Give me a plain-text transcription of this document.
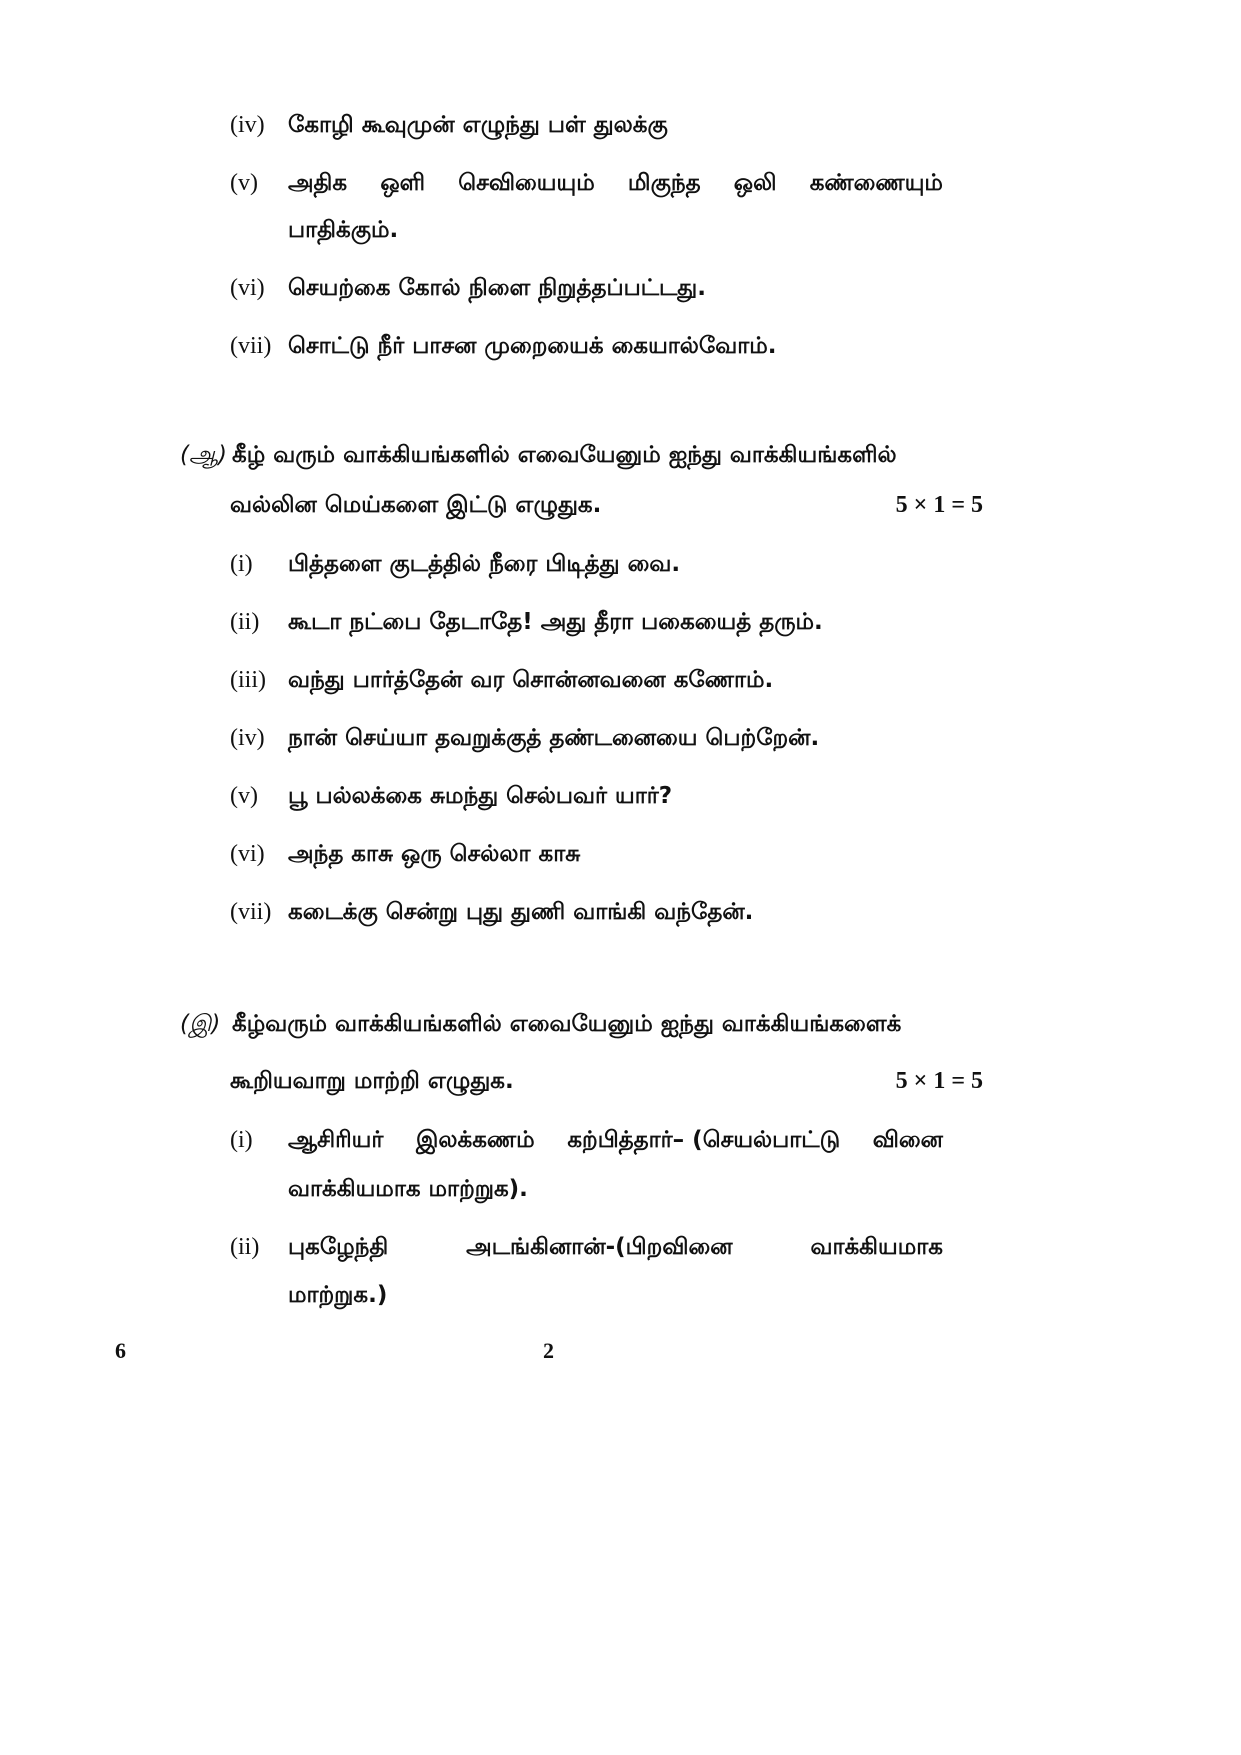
(iv) கோழி கூவுமுன் எழுந்து பள் துலக்கு
(v) அதிக ஒளி செவியையும் மிகுந்த ஒலி கண்ணையும்
பாதிக்கும்.
(vi) செயற்கை கோல் நிளை நிறுத்தப்பட்டது.
(vii) சொட்டு நீர் பாசன முறையைக் கையால்வோம்.
(ஆ) கீழ் வரும் வாக்கியங்களில் எவையேனும் ஐந்து வாக்கியங்களில்
வல்லின மெய்களை இட்டு எழுதுக.	5 × 1 = 5
(i) பித்தளை குடத்தில் நீரை பிடித்து வை.
(ii) கூடா நட்பை தேடாதே! அது தீரா பகையைத் தரும்.
(iii) வந்து பார்த்தேன் வர சொன்னவனை கணோம்.
(iv) நான் செய்யா தவறுக்குத் தண்டனையை பெற்றேன்.
(v) பூ பல்லக்கை சுமந்து செல்பவர் யார்?
(vi) அந்த காசு ஒரு செல்லா காசு
(vii) கடைக்கு சென்று புது துணி வாங்கி வந்தேன்.
(இ) கீழ்வரும் வாக்கியங்களில் எவையேனும் ஐந்து வாக்கியங்களைக்
கூறியவாறு மாற்றி எழுதுக.	5 × 1 = 5
(i) ஆசிரியர் இலக்கணம் கற்பித்தார்– (செயல்பாட்டு வினை
வாக்கியமாக மாற்றுக).
(ii) புகழேந்தி	அடங்கினான்-(பிறவினை	வாக்கியமாக
மாற்றுக.)
6	2
